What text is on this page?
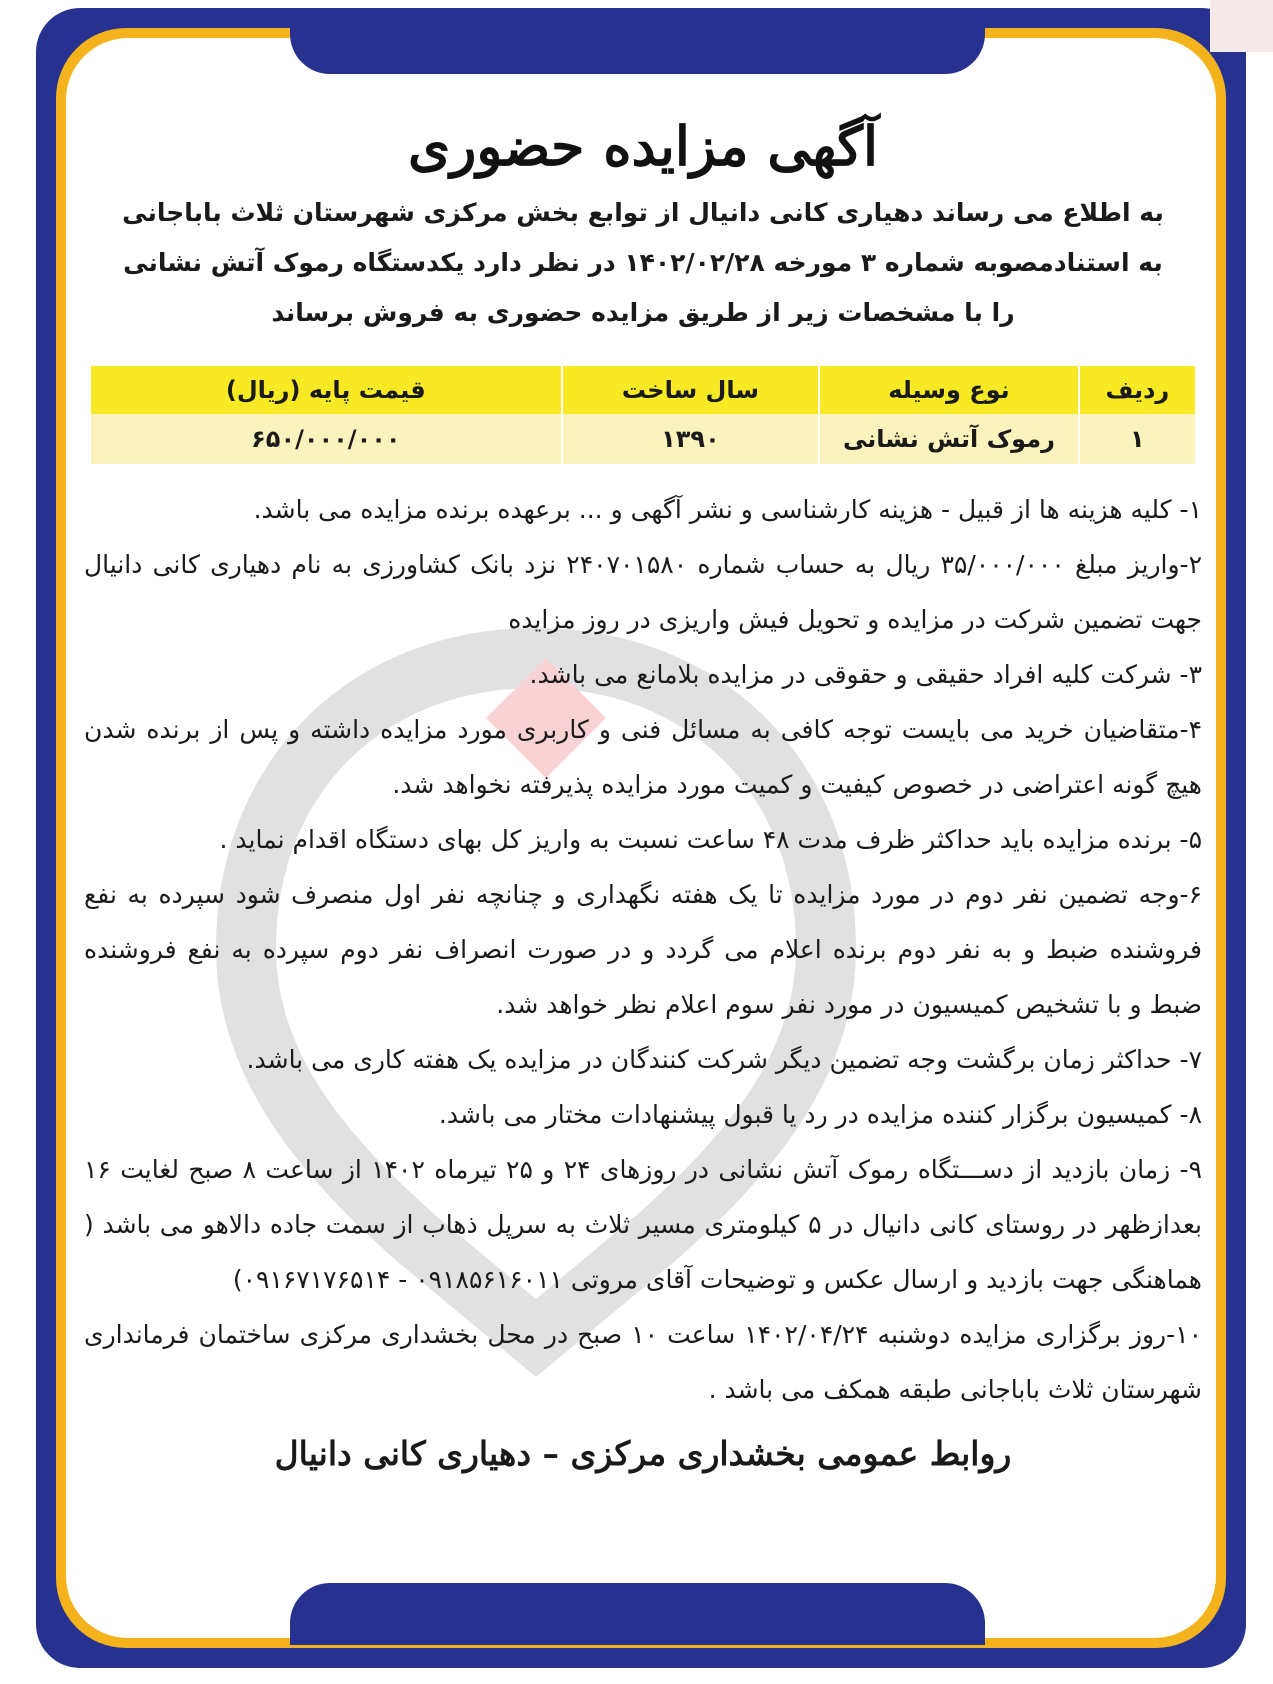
آگهی مزایده حضوری
به اطلاع می رساند دهیاری کانی دانیال از توابع بخش مرکزی شهرستان ثلاث باباجانی
به استنادمصوبه شماره ۳ مورخه ۱۴۰۲/۰۲/۲۸ در نظر دارد یکدستگاه رموک آتش نشانی
را با مشخصات زیر از طریق مزایده حضوری به فروش برساند
ردیف	نوع وسیله	سال ساخت	قیمت پایه (ریال)
۱	رموک آتش نشانی	۱۳۹۰	۶۵۰/۰۰۰/۰۰۰

۱- کلیه هزینه ها از قبیل - هزینه کارشناسی و نشر آگهی و ... برعهده برنده مزایده می باشد.

۲-واریز مبلغ ۳۵/۰۰۰/۰۰۰ ریال به حساب شماره ۲۴۰۷۰۱۵۸۰ نزد بانک کشاورزی به نام دهیاری کانی دانیال جهت تضمین شرکت در مزایده و تحویل فیش واریزی در روز مزایده

۳- شرکت کلیه افراد حقیقی و حقوقی در مزایده بلامانع می باشد.

۴-متقاضیان خرید می بایست توجه کافی به مسائل فنی و کاربری مورد مزایده داشته و پس از برنده شدن هیچ گونه اعتراضی در خصوص کیفیت و کمیت مورد مزایده پذیرفته نخواهد شد.

۵- برنده مزایده باید حداکثر ظرف مدت ۴۸ ساعت نسبت به واریز کل بهای دستگاه اقدام نماید .

۶-وجه تضمین نفر دوم در مورد مزایده تا یک هفته نگهداری و چنانچه نفر اول منصرف شود سپرده به نفع فروشنده ضبط و به نفر دوم برنده اعلام می گردد و در صورت انصراف نفر دوم سپرده به نفع فروشنده ضبط و با تشخیص کمیسیون در مورد نفر سوم اعلام نظر خواهد شد.

۷- حداکثر زمان برگشت وجه تضمین دیگر شرکت کنندگان در مزایده یک هفته کاری می باشد.

۸- کمیسیون برگزار کننده مزایده در رد یا قبول پیشنهادات مختار می باشد.

۹- زمان بازدید از دســـتگاه رموک آتش نشانی در روزهای ۲۴ و ۲۵ تیرماه ۱۴۰۲ از ساعت ۸ صبح لغایت ۱۶ بعدازظهر در روستای کانی دانیال در ۵ کیلومتری مسیر ثلاث به سرپل ذهاب از سمت جاده دالاهو می باشد ( هماهنگی جهت بازدید و ارسال عکس و توضیحات آقای مروتی ۰۹۱۸۵۶۱۶۰۱۱ - ۰۹۱۶۷۱۷۶۵۱۴)

۱۰-روز برگزاری مزایده دوشنبه ۱۴۰۲/۰۴/۲۴ ساعت ۱۰ صبح در محل بخشداری مرکزی ساختمان فرمانداری شهرستان ثلاث باباجانی طبقه همکف می باشد .

روابط عمومی بخشداری مرکزی – دهیاری کانی دانیال
